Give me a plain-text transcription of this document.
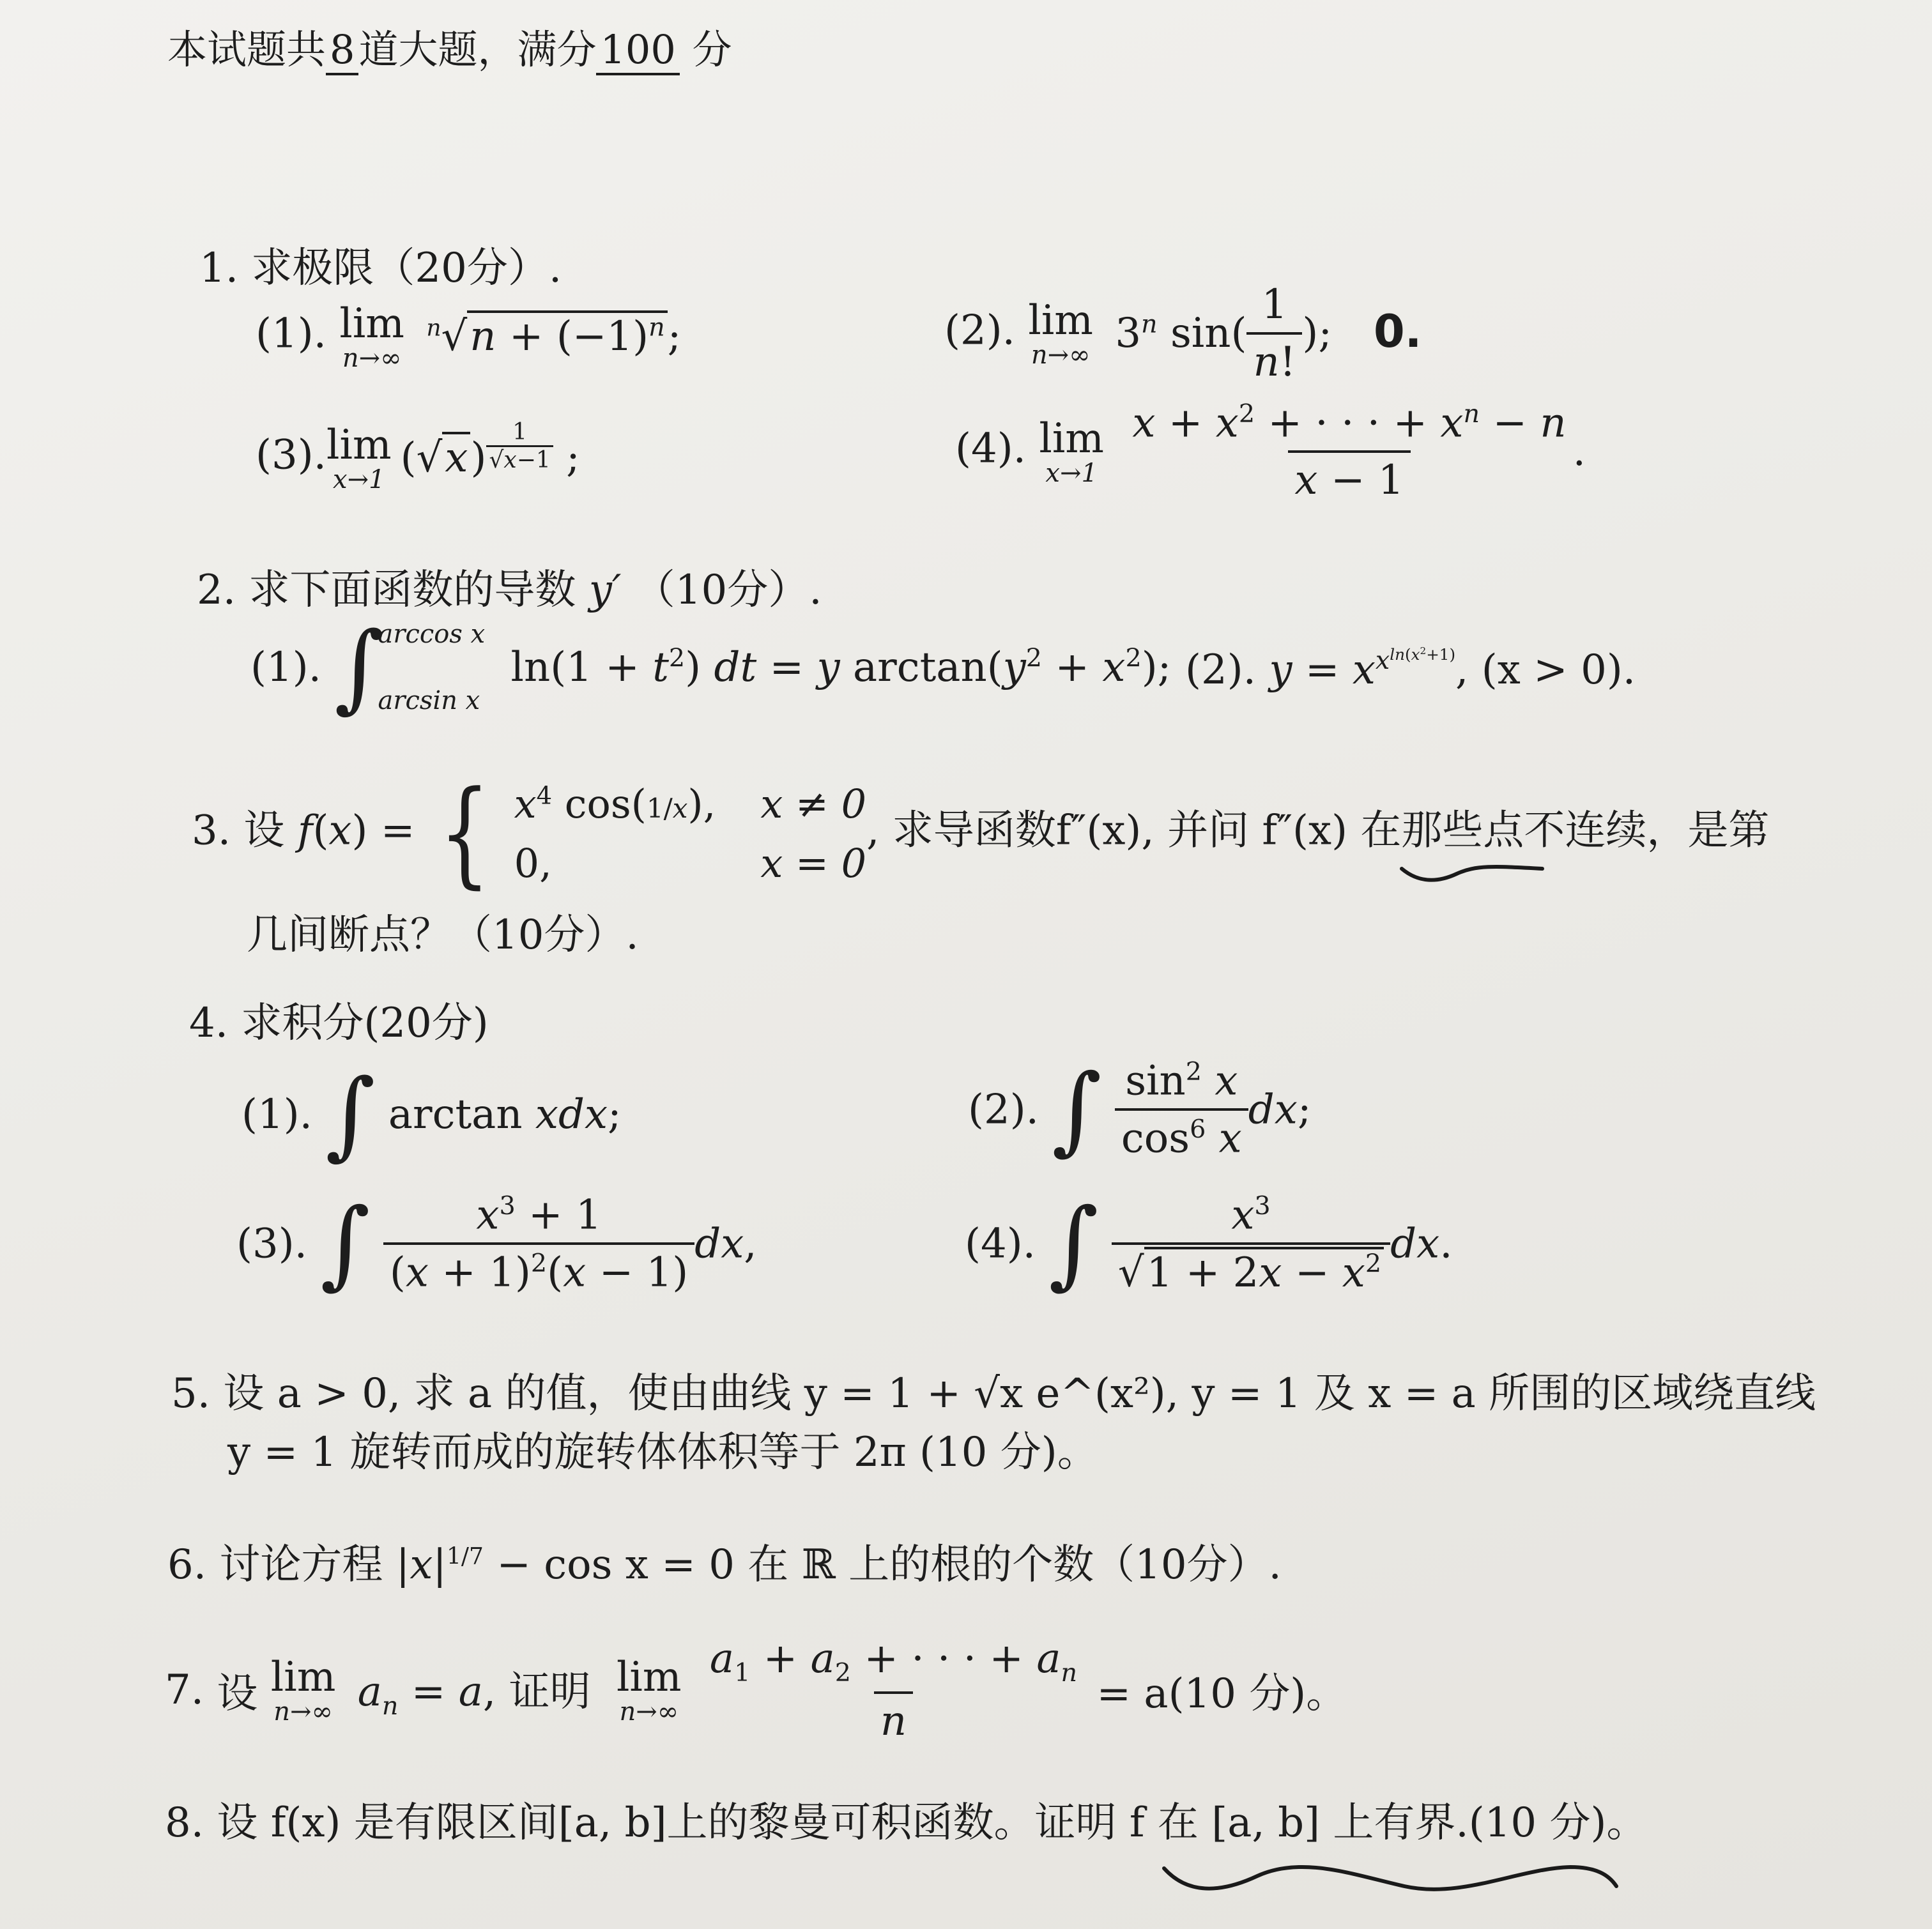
本试题共8道大题，满分100 分
1. 求极限（20分）.
(1). lim
n→∞
$^n√n + (-1)^n$;	(2). lim
n→∞ 3$^n$ $\sin( \frac{1}{n!}$ ); 0.
(3). lim
x→1 $(√x) \frac{1}{√x-1}$ ;	(4). lim
x→1
$\frac{x + x^2 + \cdot \cdot \cdot + x^n - n}{x - 1}$ .
2. 求下面函数的导数 y′ （10分）.
(1). ∫
arccos x
arcsin x
$\ln(1 + t^2)$ dt = y $\arctan(y^2 + x^2)$; (2). $y = x^{x^{ln(x^2+1)}}$, (x > 0).
3. 设 f(x) = { $x^4$ cos(1/x), x ≠ 0
0,	x = 0
, 求导函数f″(x), 并问 f″(x) 在那些点不连续，是第
几间断点？（10分）.
4. 求积分(20分)
(1). ∫ arctan xdx;	(2). ∫ $\frac{\sin^2 x}{\cos^6 x}$ dx;
(3). ∫ $\frac{x^3 + 1}{(x + 1)^2(x - 1)}$ dx,	(4). ∫ $\frac{x^3}{√1 + 2x - x^2}$ dx.
5. 设 a > 0, 求 a 的值，使由曲线 y = 1 + √x e^(x²), y = 1 及 x = a 所围的区域绕直线
y = 1 旋转而成的旋转体体积等于 2π (10 分)。
6. 讨论方程 $|x|^{1/7} - \cos x = 0$ 在 ℝ 上的根的个数（10分）.
7. 设 lim
n→∞ $a_n = a$, 证明 lim
n→∞
$\frac{a_1 + a_2 + \cdot \cdot \cdot + a_n}{n} = a(10$ 分)。
8. 设 f(x) 是有限区间[a, b]上的黎曼可积函数。证明 f 在 [a, b] 上有界.(10 分)。
